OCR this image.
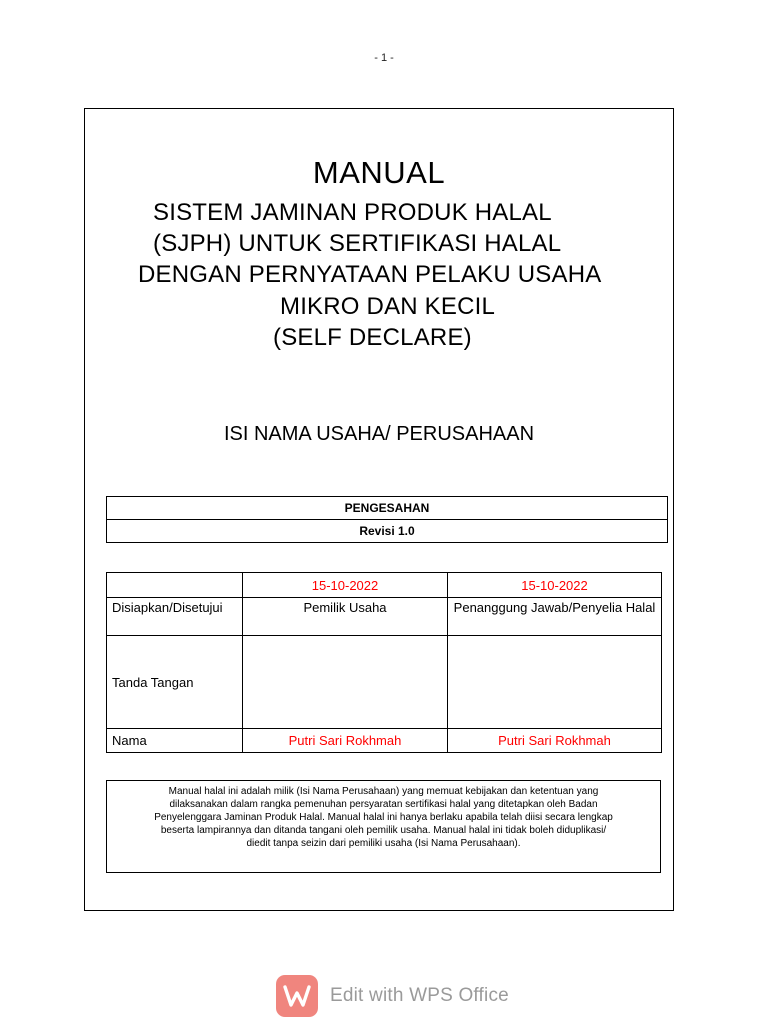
- 1 -
MANUAL
SISTEM JAMINAN PRODUK HALAL
(SJPH) UNTUK SERTIFIKASI HALAL
DENGAN PERNYATAAN PELAKU USAHA
MIKRO DAN KECIL
(SELF DECLARE)
ISI NAMA USAHA/ PERUSAHAAN
PENGESAHAN
Revisi 1.0
	15-10-2022	15-10-2022
Disiapkan/Disetujui	Pemilik Usaha	Penanggung Jawab/Penyelia Halal
Tanda Tangan		
Nama	Putri Sari Rokhmah	Putri Sari Rokhmah
Manual halal ini adalah milik (Isi Nama Perusahaan) yang memuat kebijakan dan ketentuan yang
dilaksanakan dalam rangka pemenuhan persyaratan sertifikasi halal yang ditetapkan oleh Badan
Penyelenggara Jaminan Produk Halal. Manual halal ini hanya berlaku apabila telah diisi secara lengkap
beserta lampirannya dan ditanda tangani oleh pemilik usaha. Manual halal ini tidak boleh diduplikasi/
diedit tanpa seizin dari pemiliki usaha (Isi Nama Perusahaan).
Edit with WPS Office
